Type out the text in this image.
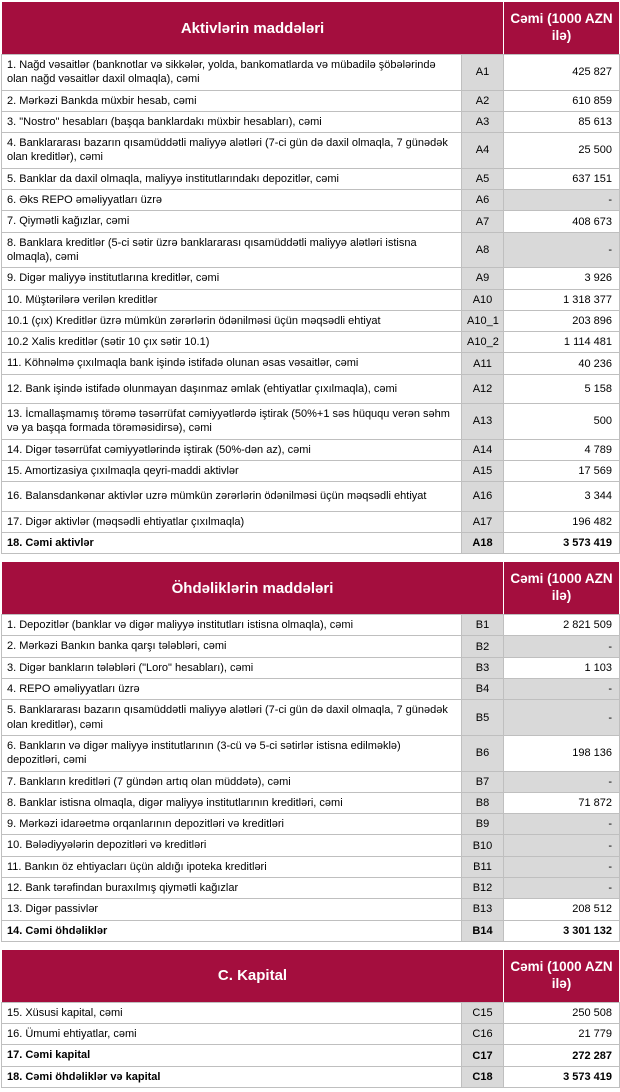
Aktivlərin maddələri		Cəmi (1000 AZN ilə)
1. Nağd vəsaitlər (banknotlar və sikkələr, yolda, bankomatlarda və mübadilə şöbələrində olan nağd vəsaitlər daxil olmaqla), cəmi	A1	425 827
2. Mərkəzi Bankda müxbir hesab, cəmi	A2	610 859
3. "Nostro" hesabları (başqa banklardakı müxbir hesabları), cəmi	A3	85 613
4. Banklararası bazarın qısamüddətli maliyyə alətləri (7-ci gün də daxil olmaqla, 7 günədək olan kreditlər), cəmi	A4	25 500
5. Banklar da daxil olmaqla, maliyyə institutlarındakı depozitlər, cəmi	A5	637 151
6. Əks REPO əməliyyatları üzrə	A6	-
7. Qiymətli kağızlar, cəmi	A7	408 673
8. Banklara kreditlər (5-ci sətir üzrə banklararası qısamüddətli maliyyə alətləri istisna olmaqla), cəmi	A8	-
9. Digər maliyyə institutlarına kreditlər, cəmi	A9	3 926
10. Müştərilərə verilən kreditlər	A10	1 318 377
10.1 (çıx) Kreditlər üzrə mümkün zərərlərin ödənilməsi üçün məqsədli ehtiyat	A10_1	203 896
10.2 Xalis kreditlər (sətir 10 çıx sətir 10.1)	A10_2	1 114 481
11. Köhnəlmə çıxılmaqla bank işində istifadə olunan əsas vəsaitlər, cəmi	A11	40 236
12. Bank işində istifadə olunmayan daşınmaz əmlak (ehtiyatlar çıxılmaqla), cəmi	A12	5 158
13. İcmallaşmamış törəmə təsərrüfat cəmiyyətlərdə iştirak (50%+1 səs hüququ verən səhm və ya başqa formada törəməsidirsə), cəmi	A13	500
14. Digər təsərrüfat cəmiyyətlərində iştirak (50%-dən az), cəmi	A14	4 789
15. Amortizasiya çıxılmaqla qeyri-maddi aktivlər	A15	17 569
16. Balansdankənar aktivlər uzrə mümkün zərərlərin ödənilməsi üçün məqsədli ehtiyat	A16	3 344
17. Digər aktivlər (məqsədli ehtiyatlar çıxılmaqla)	A17	196 482
18. Cəmi aktivlər	A18	3 573 419
Öhdəliklərin maddələri		Cəmi (1000 AZN ilə)
1. Depozitlər (banklar və digər maliyyə institutları istisna olmaqla), cəmi	B1	2 821 509
2. Mərkəzi Bankın banka qarşı tələbləri, cəmi	B2	-
3. Digər bankların tələbləri ("Loro" hesabları), cəmi	B3	1 103
4. REPO əməliyyatları üzrə	B4	-
5. Banklararası bazarın qısamüddətli maliyyə alətləri (7-ci gün də daxil olmaqla, 7 günədək olan kreditlər), cəmi	B5	-
6. Bankların və digər maliyyə institutlarının (3-cü və 5-ci sətirlər istisna edilməklə) depozitləri, cəmi	B6	198 136
7. Bankların kreditləri (7 gündən artıq olan müddətə), cəmi	B7	-
8. Banklar istisna olmaqla, digər maliyyə institutlarının kreditləri, cəmi	B8	71 872
9. Mərkəzi idarəetmə orqanlarının depozitləri və kreditləri	B9	-
10. Bələdiyyələrin depozitləri və kreditləri	B10	-
11. Bankın öz ehtiyacları üçün aldığı ipoteka kreditləri	B11	-
12. Bank tərəfindan buraxılmış qiymətli kağızlar	B12	-
13. Digər passivlər	B13	208 512
14. Cəmi öhdəliklər	B14	3 301 132
C. Kapital		Cəmi (1000 AZN ilə)
15. Xüsusi kapital, cəmi	C15	250 508
16. Ümumi ehtiyatlar, cəmi	C16	21 779
17. Cəmi kapital	C17	272 287
18. Cəmi öhdəliklər və kapital	C18	3 573 419
